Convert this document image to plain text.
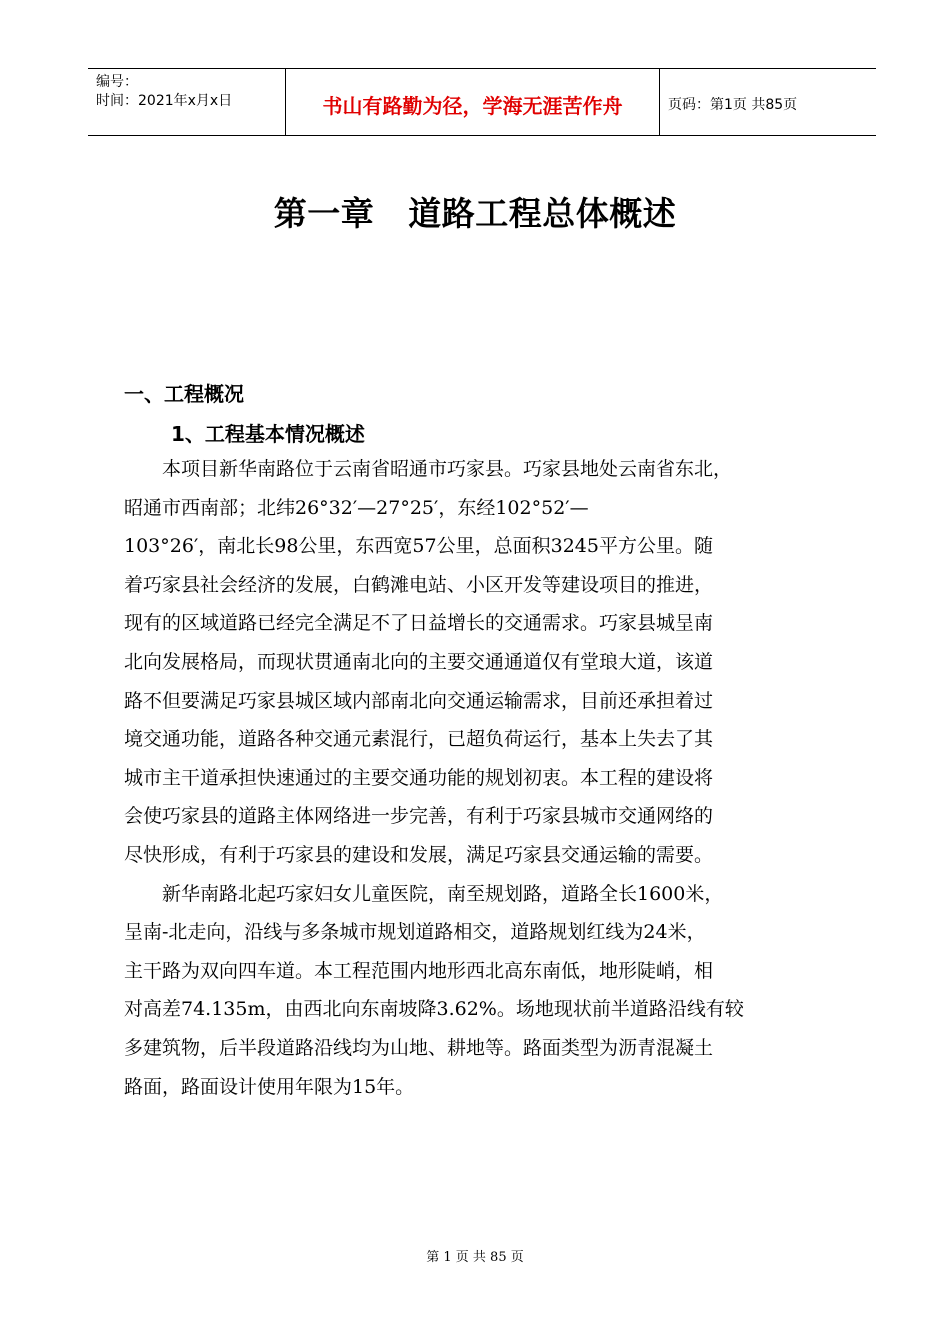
编号：
时间：2021年x月x日	书山有路勤为径，学海无涯苦作舟	页码：第1页 共85页
第一章 道路工程总体概述
一、工程概况
1、工程基本情况概述
　　本项目新华南路位于云南省昭通市巧家县。巧家县地处云南省东北，
昭通市西南部；北纬26°32′—27°25′，东经102°52′—
103°26′，南北长98公里，东西宽57公里，总面积3245平方公里。随
着巧家县社会经济的发展，白鹤滩电站、小区开发等建设项目的推进，
现有的区域道路已经完全满足不了日益增长的交通需求。巧家县城呈南
北向发展格局，而现状贯通南北向的主要交通通道仅有堂琅大道，该道
路不但要满足巧家县城区域内部南北向交通运输需求，目前还承担着过
境交通功能，道路各种交通元素混行，已超负荷运行，基本上失去了其
城市主干道承担快速通过的主要交通功能的规划初衷。本工程的建设将
会使巧家县的道路主体网络进一步完善，有利于巧家县城市交通网络的
尽快形成，有利于巧家县的建设和发展，满足巧家县交通运输的需要。
　　新华南路北起巧家妇女儿童医院，南至规划路，道路全长1600米，
呈南-北走向，沿线与多条城市规划道路相交，道路规划红线为24米，
主干路为双向四车道。本工程范围内地形西北高东南低，地形陡峭，相
对高差74.135m，由西北向东南坡降3.62%。场地现状前半道路沿线有较
多建筑物，后半段道路沿线均为山地、耕地等。路面类型为沥青混凝土
路面，路面设计使用年限为15年。
第 1 页 共 85 页
